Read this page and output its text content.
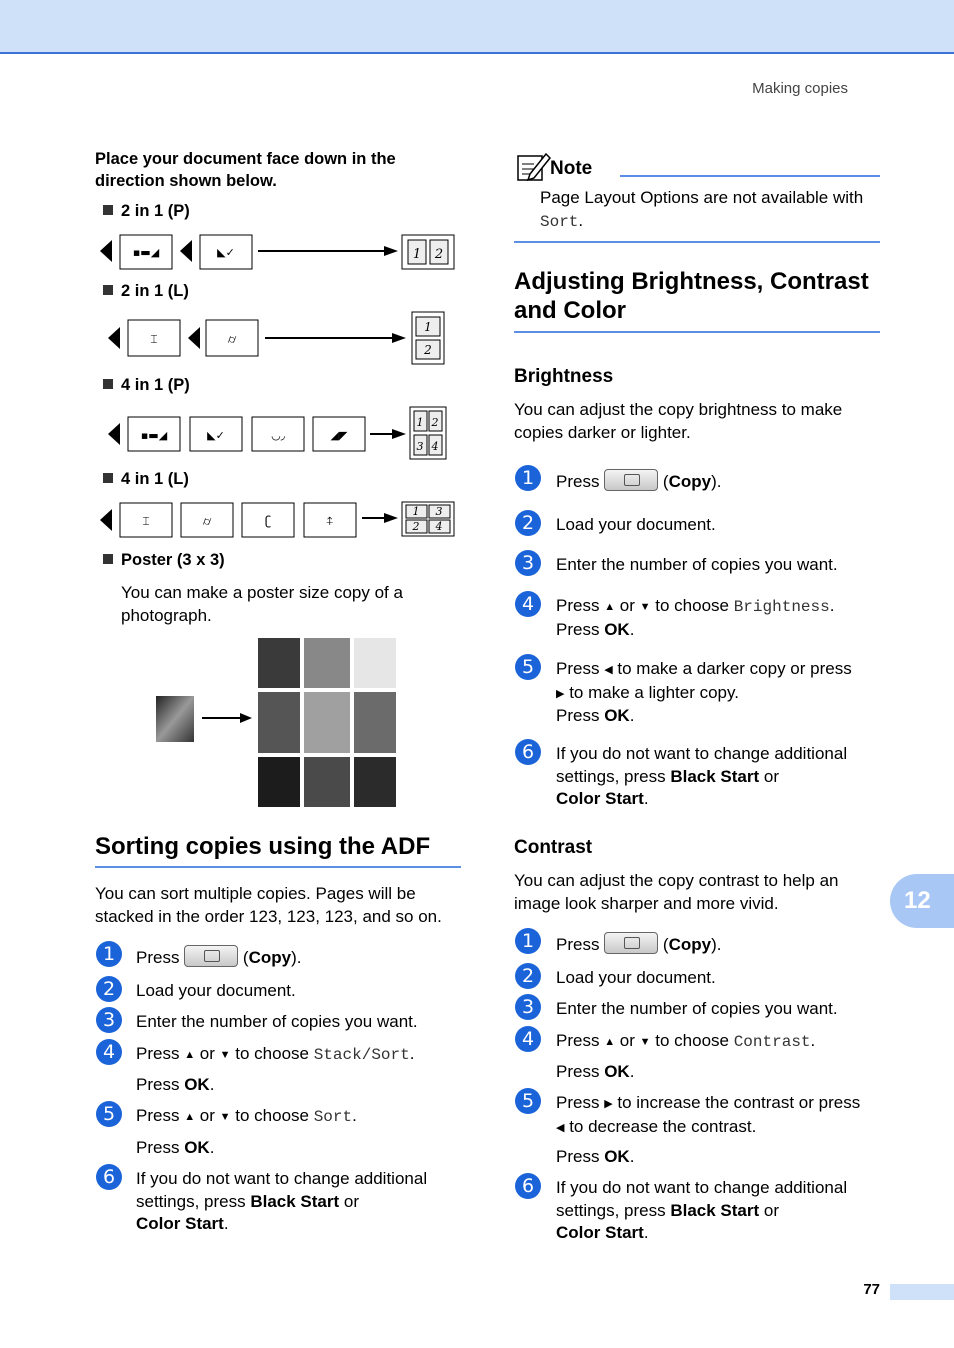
Making copies
Place your document face down in the direction shown below.
2 in 1 (P)
▪▬◢	◣✓	1 2
2 in 1 (L)
⌶	⌭
1
2
4 in 1 (P)
▪▬◢	◣✓	◡◞	◢◤
1 2
3 4
4 in 1 (L)
⌶	⌭	ʗ	⍏
1 3
2 4
Poster (3 x 3)
You can make a poster size copy of a photograph.
Sorting copies using the ADF
You can sort multiple copies. Pages will be stacked in the order 123, 123, 123, and so on.
1	Press	(Copy).
2	Load your document.
3	Enter the number of copies you want.
4	Press ▲ or ▼ to choose Stack/Sort.
Press OK.
5	Press ▲ or ▼ to choose Sort.
Press OK.
6	If you do not want to change additional settings, press Black Start or
Color Start.
Note
Page Layout Options are not available with Sort.
Adjusting Brightness, Contrast and Color
Brightness
You can adjust the copy brightness to make copies darker or lighter.
1	Press	(Copy).
2	Load your document.
3	Enter the number of copies you want.
4	Press ▲ or ▼ to choose Brightness.
Press OK.
5	Press ◀ to make a darker copy or press
▶ to make a lighter copy.
Press OK.
6	If you do not want to change additional settings, press Black Start or
Color Start.
Contrast
You can adjust the copy contrast to help an image look sharper and more vivid.
1	Press	(Copy).
2	Load your document.
3	Enter the number of copies you want.
4	Press ▲ or ▼ to choose Contrast.
Press OK.
5	Press ▶ to increase the contrast or press
◀ to decrease the contrast.
Press OK.
6	If you do not want to change additional settings, press Black Start or
Color Start.
12
77
